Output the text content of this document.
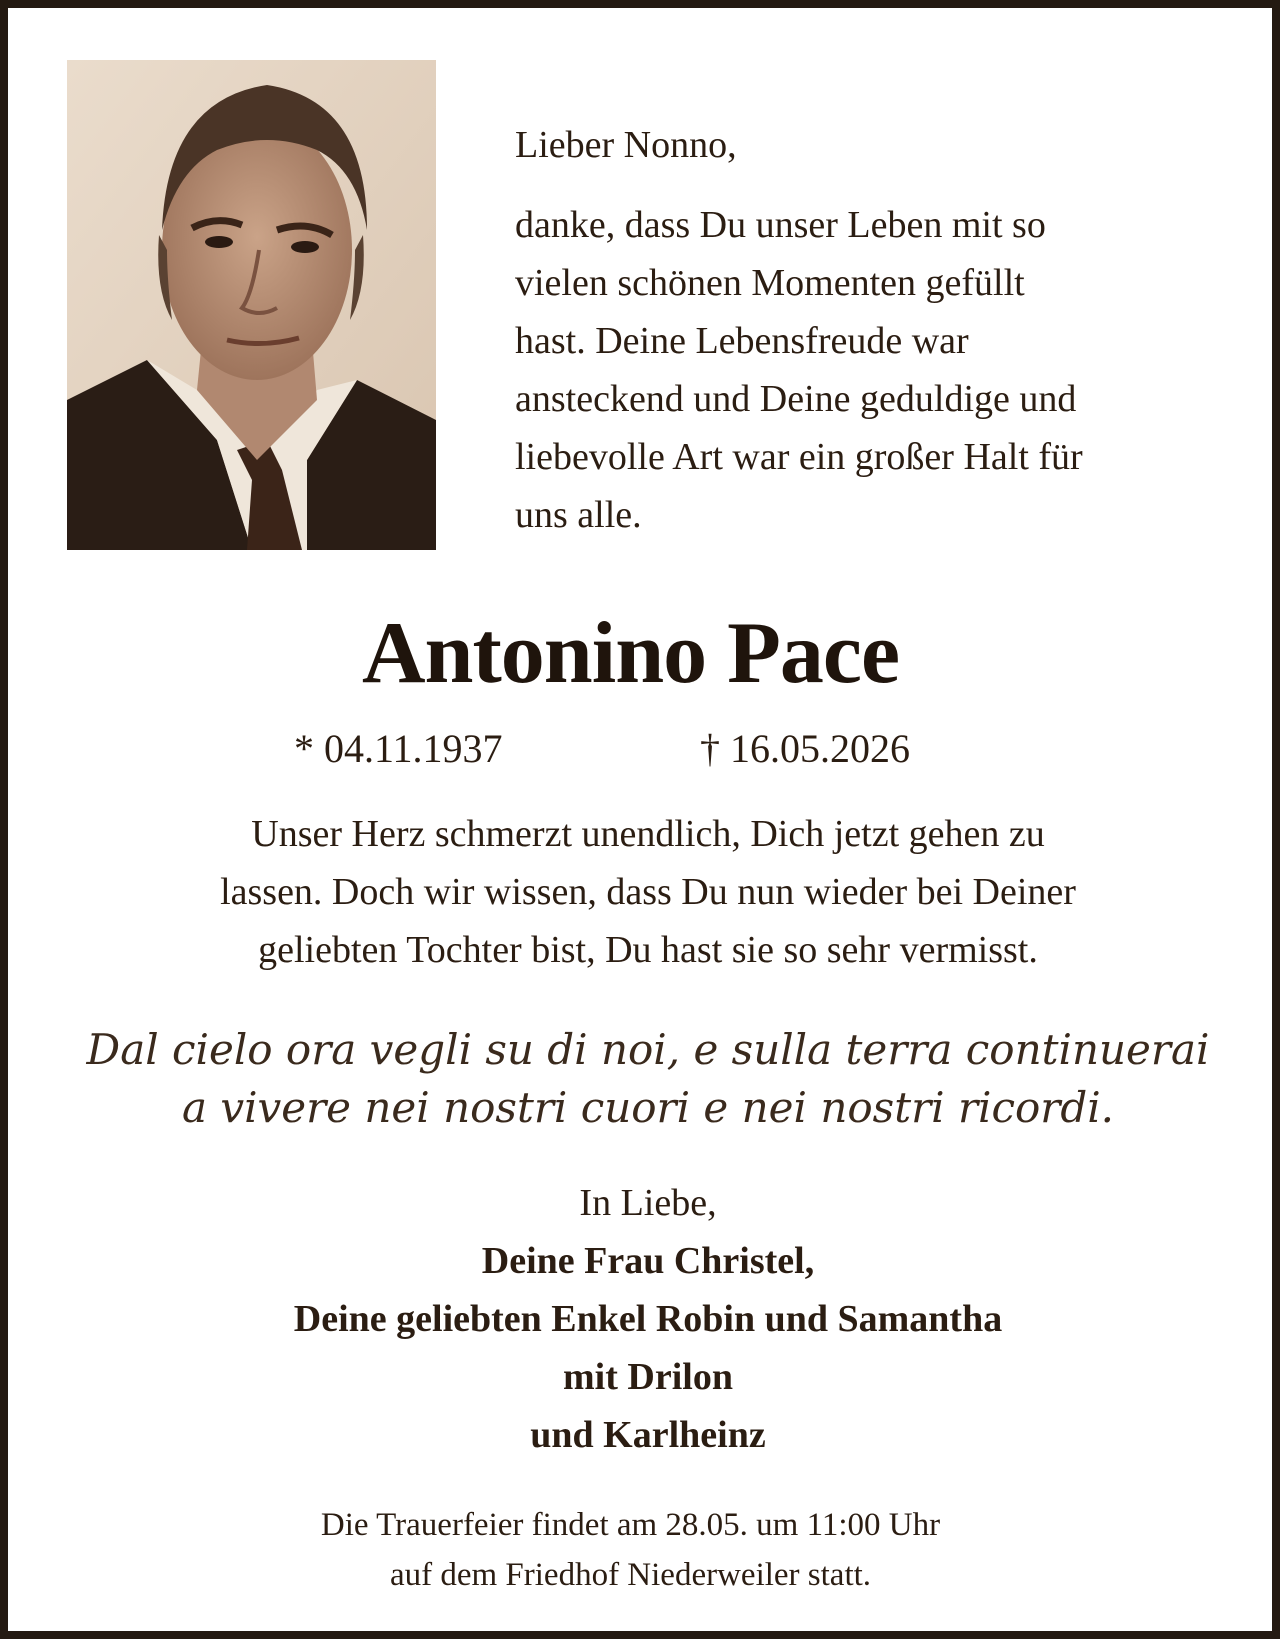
Lieber Nonno,

danke, dass Du unser Leben mit so
vielen schönen Momenten gefüllt
hast. Deine Lebensfreude war
ansteckend und Deine geduldige und
liebevolle Art war ein großer Halt für
uns alle.

Antonino Pace
* 04.11.1937	† 16.05.2026
Unser Herz schmerzt unendlich, Dich jetzt gehen zu
lassen. Doch wir wissen, dass Du nun wieder bei Deiner
geliebten Tochter bist, Du hast sie so sehr vermisst.
Dal cielo ora vegli su di noi, e sulla terra continuerai
a vivere nei nostri cuori e nei nostri ricordi.
In Liebe,
Deine Frau Christel,
Deine geliebten Enkel Robin und Samantha
mit Drilon
und Karlheinz
Die Trauerfeier findet am 28.05. um 11:00 Uhr
auf dem Friedhof Niederweiler statt.
